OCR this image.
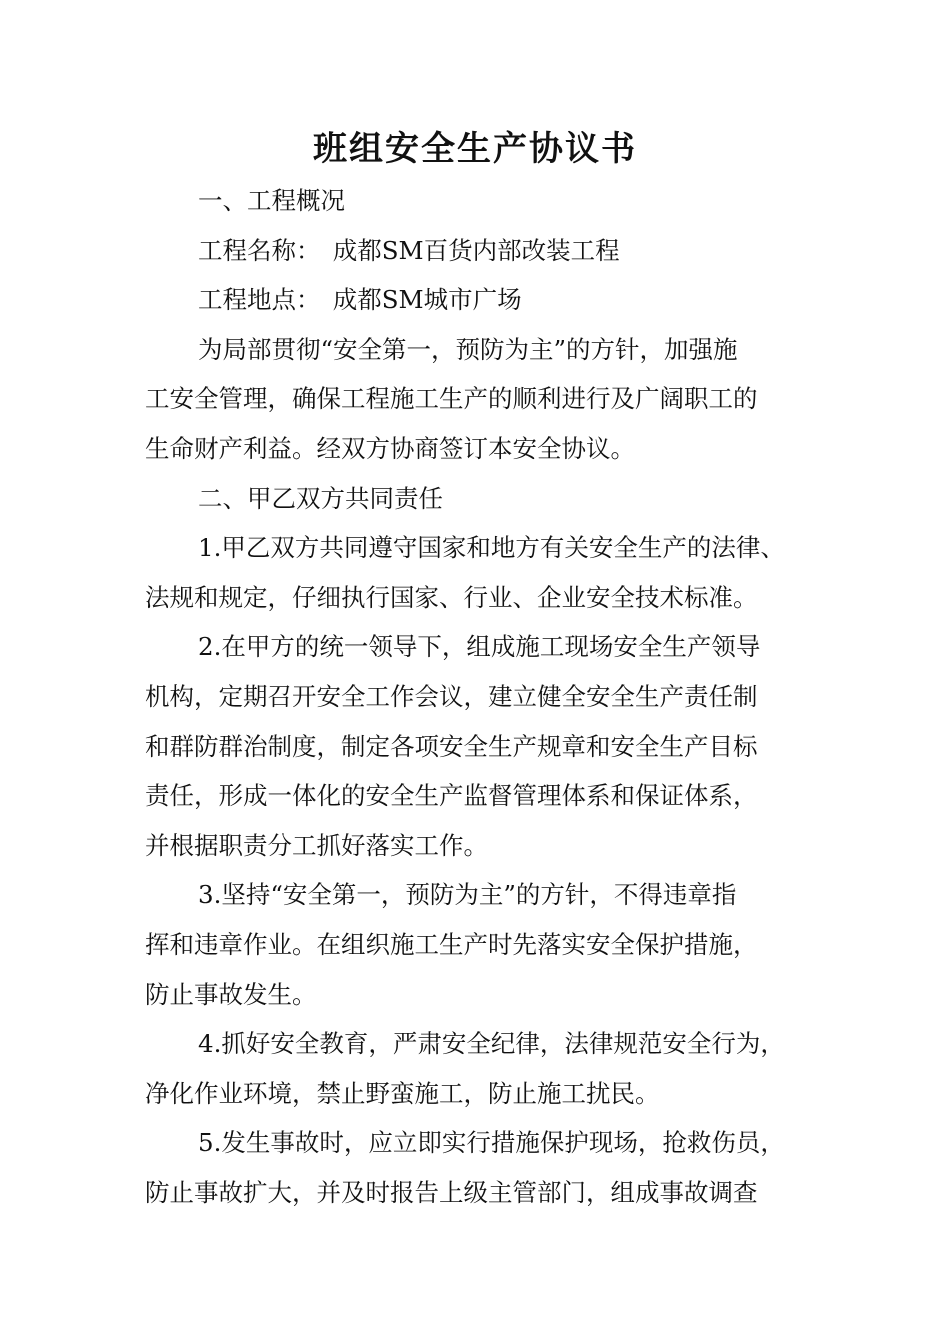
班组安全生产协议书
一、工程概况
工程名称：　成都SM百货内部改装工程
工程地点：　成都SM城市广场
为局部贯彻“安全第一，预防为主”的方针，加强施
工安全管理，确保工程施工生产的顺利进行及广阔职工的
生命财产利益。经双方协商签订本安全协议。
二、甲乙双方共同责任
1.甲乙双方共同遵守国家和地方有关安全生产的法律、
法规和规定，仔细执行国家、行业、企业安全技术标准。
2.在甲方的统一领导下，组成施工现场安全生产领导
机构，定期召开安全工作会议，建立健全安全生产责任制
和群防群治制度，制定各项安全生产规章和安全生产目标
责任，形成一体化的安全生产监督管理体系和保证体系，
并根据职责分工抓好落实工作。
3.坚持“安全第一，预防为主”的方针，不得违章指
挥和违章作业。在组织施工生产时先落实安全保护措施，
防止事故发生。
4.抓好安全教育，严肃安全纪律，法律规范安全行为，
净化作业环境，禁止野蛮施工，防止施工扰民。
5.发生事故时，应立即实行措施保护现场，抢救伤员，
防止事故扩大，并及时报告上级主管部门，组成事故调查
